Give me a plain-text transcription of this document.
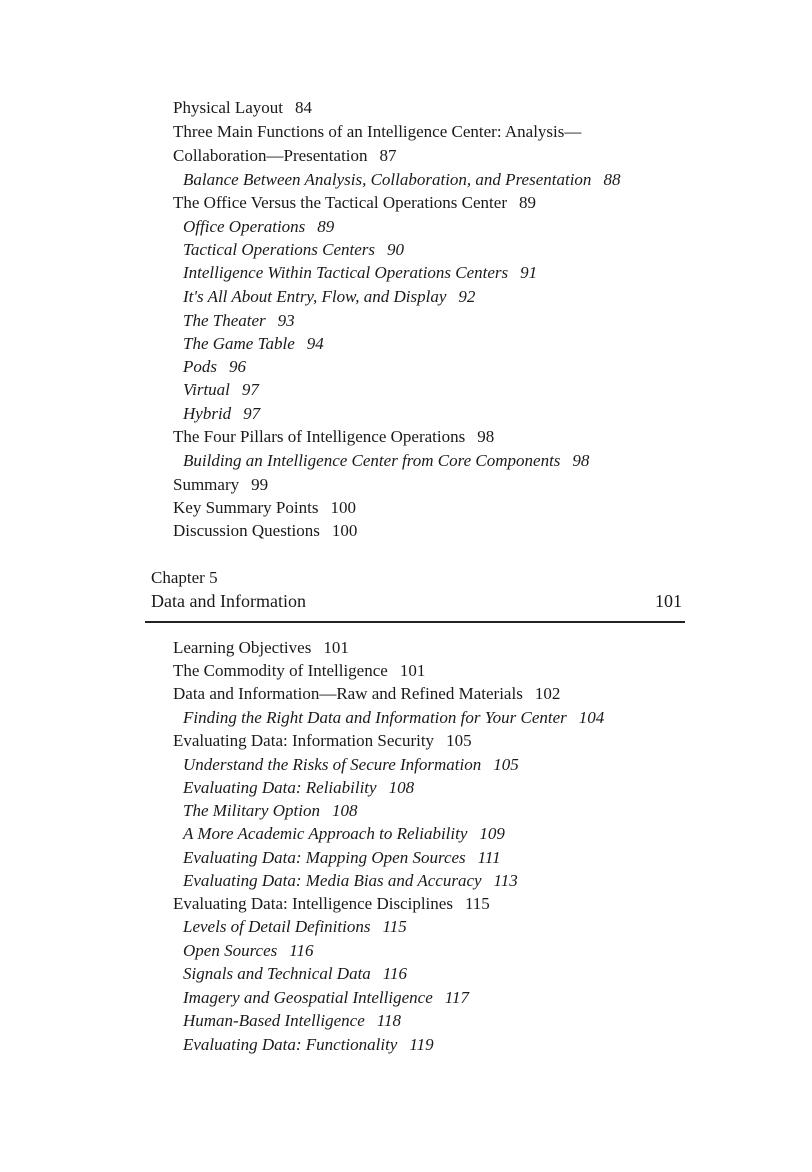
Physical Layout 84
Three Main Functions of an Intelligence Center: Analysis—
Collaboration—Presentation 87
Balance Between Analysis, Collaboration, and Presentation 88
The Office Versus the Tactical Operations Center 89
Office Operations 89
Tactical Operations Centers 90
Intelligence Within Tactical Operations Centers 91
It's All About Entry, Flow, and Display 92
The Theater 93
The Game Table 94
Pods 96
Virtual 97
Hybrid 97
The Four Pillars of Intelligence Operations 98
Building an Intelligence Center from Core Components 98
Summary 99
Key Summary Points 100
Discussion Questions 100
Chapter 5
Data and Information	101
Learning Objectives 101
The Commodity of Intelligence 101
Data and Information—Raw and Refined Materials 102
Finding the Right Data and Information for Your Center 104
Evaluating Data: Information Security 105
Understand the Risks of Secure Information 105
Evaluating Data: Reliability 108
The Military Option 108
A More Academic Approach to Reliability 109
Evaluating Data: Mapping Open Sources 111
Evaluating Data: Media Bias and Accuracy 113
Evaluating Data: Intelligence Disciplines 115
Levels of Detail Definitions 115
Open Sources 116
Signals and Technical Data 116
Imagery and Geospatial Intelligence 117
Human-Based Intelligence 118
Evaluating Data: Functionality 119
